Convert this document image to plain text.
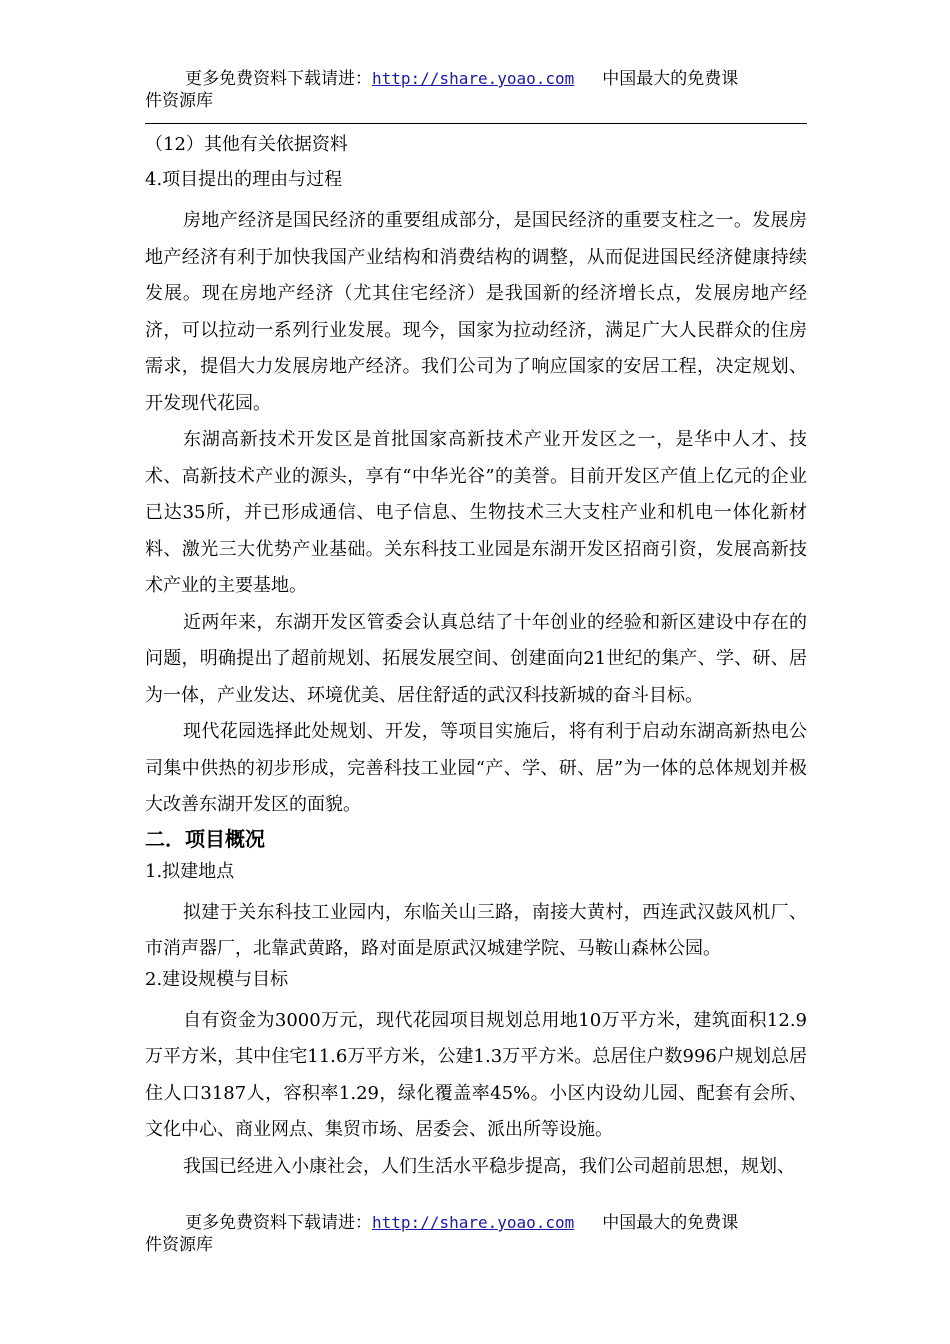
更多免费资料下载请进：http://share.yoao.com 中国最大的免费课
件资源库
（12）其他有关依据资料
4.项目提出的理由与过程

房地产经济是国民经济的重要组成部分，是国民经济的重要支柱之一。发展房地产经济有利于加快我国产业结构和消费结构的调整，从而促进国民经济健康持续发展。现在房地产经济（尤其住宅经济）是我国新的经济增长点，发展房地产经济，可以拉动一系列行业发展。现今，国家为拉动经济，满足广大人民群众的住房需求，提倡大力发展房地产经济。我们公司为了响应国家的安居工程，决定规划、开发现代花园。

东湖高新技术开发区是首批国家高新技术产业开发区之一，是华中人才、技术、高新技术产业的源头，享有“中华光谷”的美誉。目前开发区产值上亿元的企业已达35所，并已形成通信、电子信息、生物技术三大支柱产业和机电一体化新材料、激光三大优势产业基础。关东科技工业园是东湖开发区招商引资，发展高新技术产业的主要基地。

近两年来，东湖开发区管委会认真总结了十年创业的经验和新区建设中存在的问题，明确提出了超前规划、拓展发展空间、创建面向21世纪的集产、学、研、居为一体，产业发达、环境优美、居住舒适的武汉科技新城的奋斗目标。

现代花园选择此处规划、开发，等项目实施后，将有利于启动东湖高新热电公司集中供热的初步形成，完善科技工业园“产、学、研、居”为一体的总体规划并极大改善东湖开发区的面貌。

二．项目概况
1.拟建地点

拟建于关东科技工业园内，东临关山三路，南接大黄村，西连武汉鼓风机厂、市消声器厂，北靠武黄路，路对面是原武汉城建学院、马鞍山森林公园。

2.建设规模与目标

自有资金为3000万元，现代花园项目规划总用地10万平方米，建筑面积12.9万平方米，其中住宅11.6万平方米，公建1.3万平方米。总居住户数996户规划总居住人口3187人，容积率1.29，绿化覆盖率45%。小区内设幼儿园、配套有会所、文化中心、商业网点、集贸市场、居委会、派出所等设施。

我国已经进入小康社会，人们生活水平稳步提高，我们公司超前思想，规划、

更多免费资料下载请进：http://share.yoao.com 中国最大的免费课
件资源库
